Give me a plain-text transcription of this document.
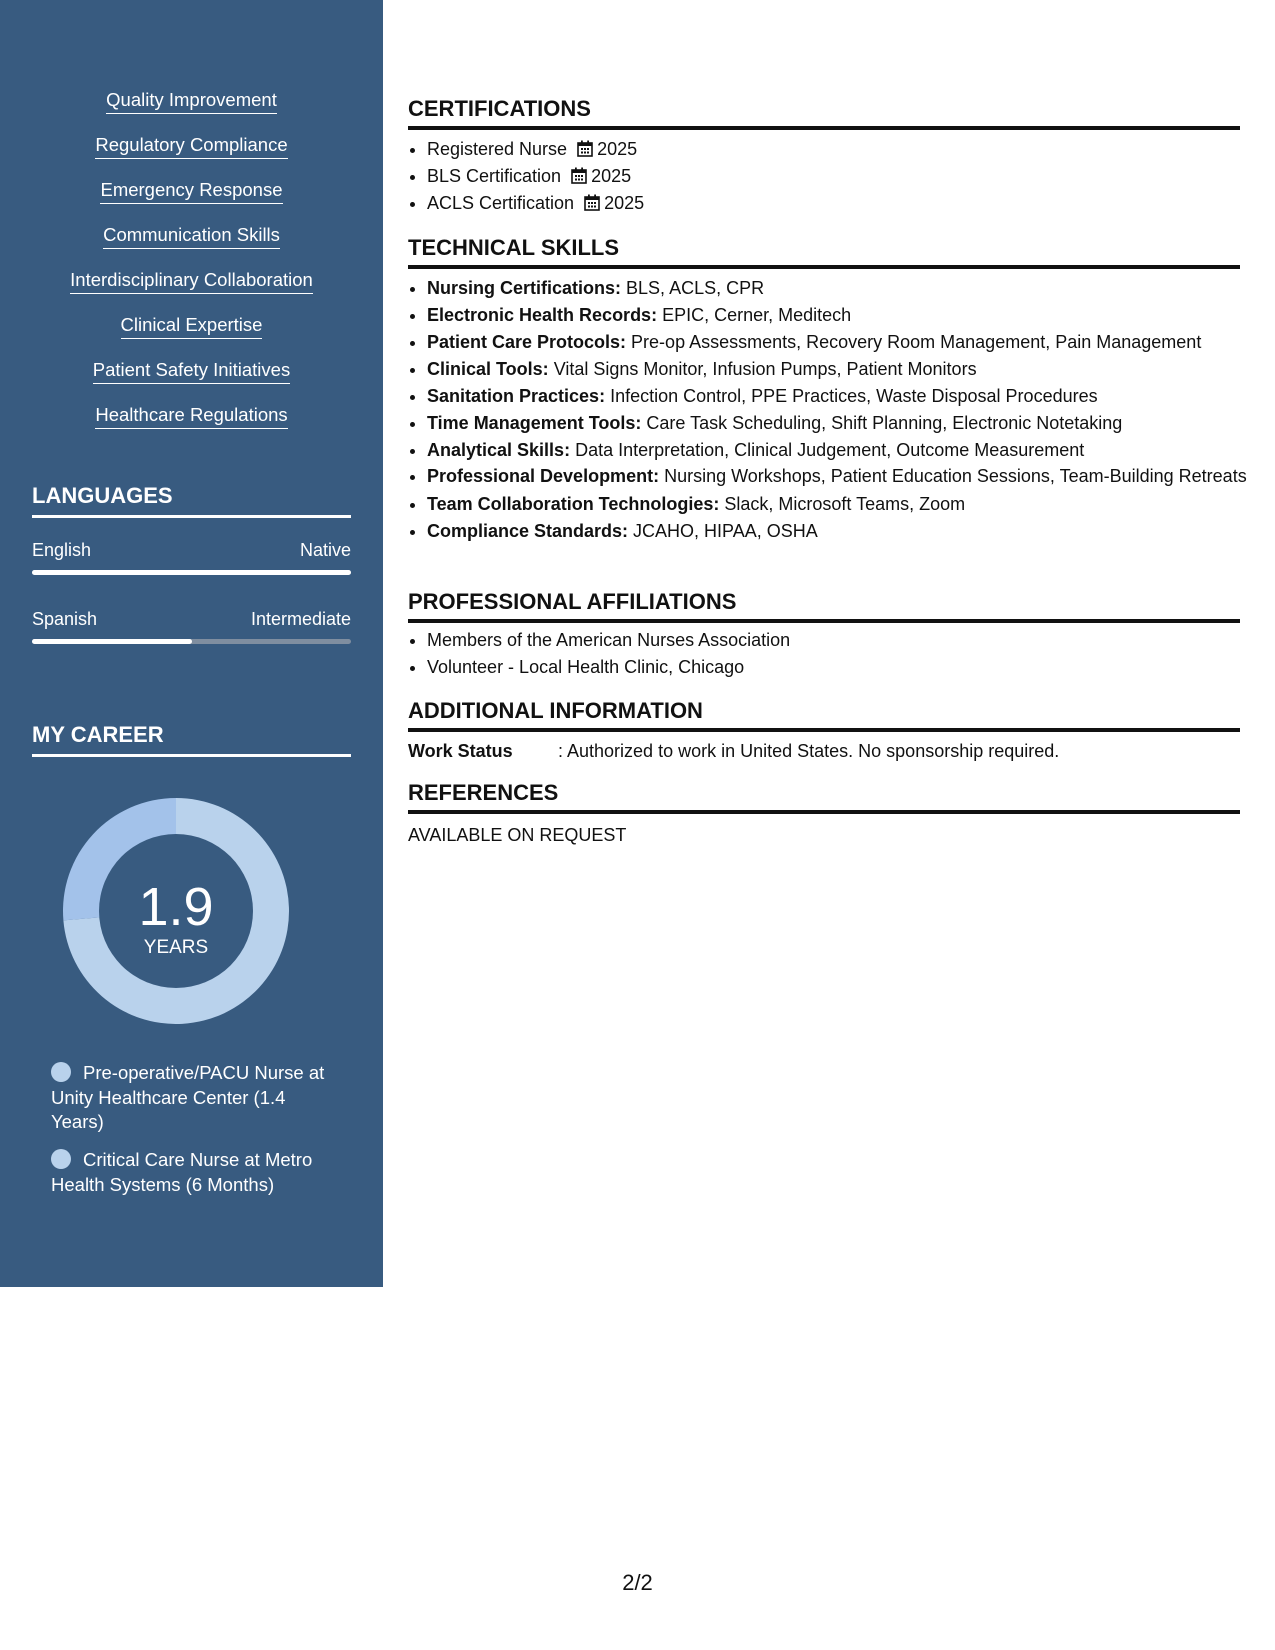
Quality Improvement
Regulatory Compliance
Emergency Response
Communication Skills
Interdisciplinary Collaboration
Clinical Expertise
Patient Safety Initiatives
Healthcare Regulations
LANGUAGES
English	Native
Spanish	Intermediate
MY CAREER
1.9
YEARS
Pre-operative/PACU Nurse at Unity Healthcare Center (1.4 Years)
Critical Care Nurse at Metro Health Systems (6 Months)
CERTIFICATIONS
• Registered Nurse 2025
• BLS Certification 2025
• ACLS Certification 2025
TECHNICAL SKILLS
• Nursing Certifications: BLS, ACLS, CPR
• Electronic Health Records: EPIC, Cerner, Meditech
• Patient Care Protocols: Pre-op Assessments, Recovery Room Management, Pain Management
• Clinical Tools: Vital Signs Monitor, Infusion Pumps, Patient Monitors
• Sanitation Practices: Infection Control, PPE Practices, Waste Disposal Procedures
• Time Management Tools: Care Task Scheduling, Shift Planning, Electronic Notetaking
• Analytical Skills: Data Interpretation, Clinical Judgement, Outcome Measurement
• Professional Development: Nursing Workshops, Patient Education Sessions, Team-Building Retreats
• Team Collaboration Technologies: Slack, Microsoft Teams, Zoom
• Compliance Standards: JCAHO, HIPAA, OSHA
PROFESSIONAL AFFILIATIONS
• Members of the American Nurses Association
• Volunteer - Local Health Clinic, Chicago
ADDITIONAL INFORMATION
Work Status	: Authorized to work in United States. No sponsorship required.
REFERENCES
AVAILABLE ON REQUEST
2/2
